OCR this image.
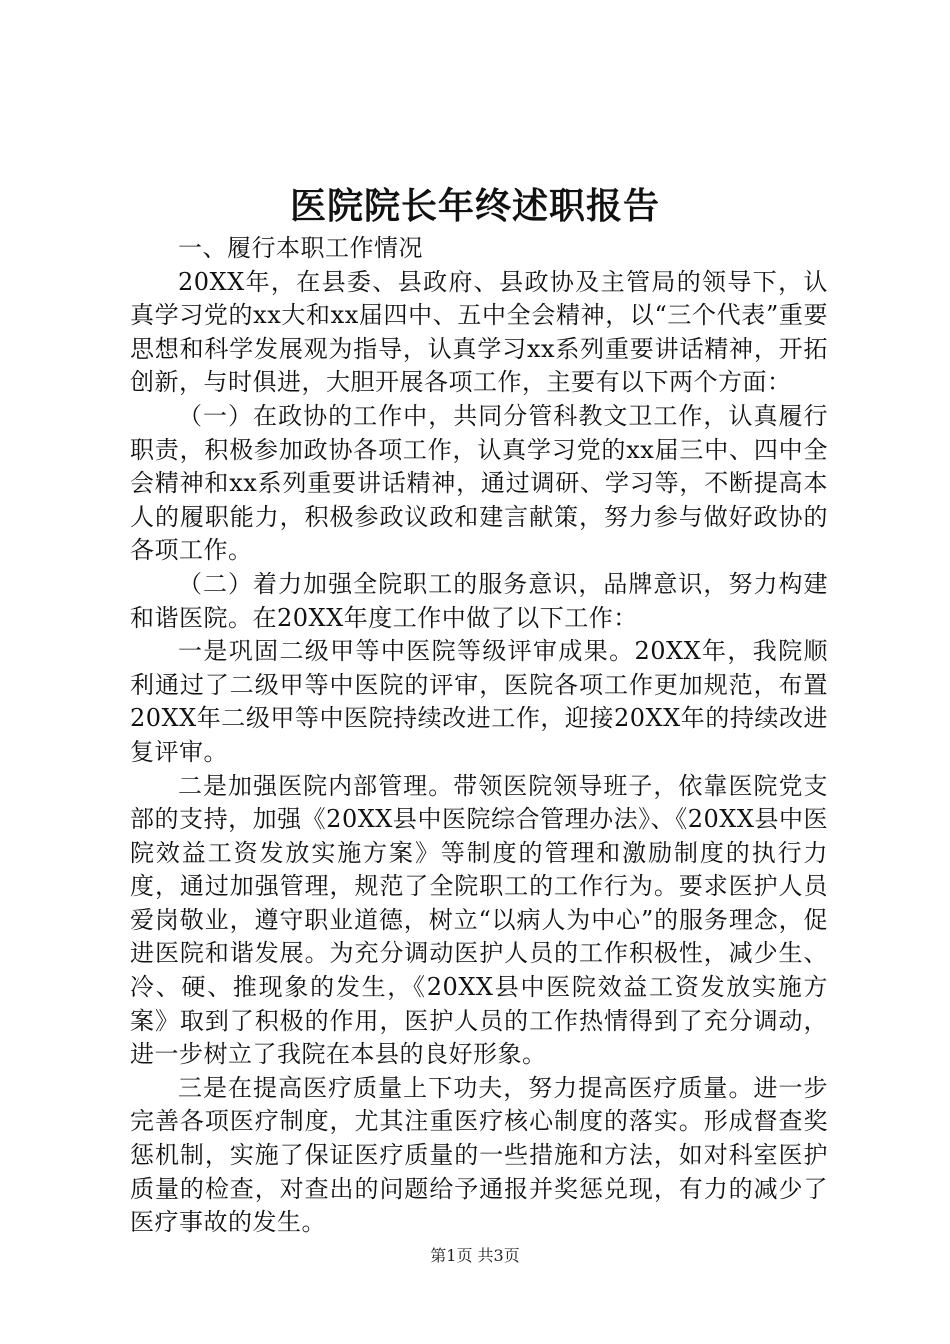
医院院长年终述职报告

一、履行本职工作情况

20XX年，在县委、县政府、县政协及主管局的领导下，认真学习党的xx大和xx届四中、五中全会精神，以“三个代表”重要思想和科学发展观为指导，认真学习xx系列重要讲话精神，开拓创新，与时俱进，大胆开展各项工作，主要有以下两个方面：

（一）在政协的工作中，共同分管科教文卫工作，认真履行职责，积极参加政协各项工作，认真学习党的xx届三中、四中全会精神和xx系列重要讲话精神，通过调研、学习等，不断提高本人的履职能力，积极参政议政和建言献策，努力参与做好政协的各项工作。

（二）着力加强全院职工的服务意识，品牌意识，努力构建和谐医院。在20XX年度工作中做了以下工作：

一是巩固二级甲等中医院等级评审成果。20XX年，我院顺利通过了二级甲等中医院的评审，医院各项工作更加规范，布置20XX年二级甲等中医院持续改进工作，迎接20XX年的持续改进复评审。

二是加强医院内部管理。带领医院领导班子，依靠医院党支部的支持，加强《20XX县中医院综合管理办法》、《20XX县中医院效益工资发放实施方案》等制度的管理和激励制度的执行力度，通过加强管理，规范了全院职工的工作行为。要求医护人员爱岗敬业，遵守职业道德，树立“以病人为中心”的服务理念，促进医院和谐发展。为充分调动医护人员的工作积极性，减少生、冷、硬、推现象的发生，《20XX县中医院效益工资发放实施方案》取到了积极的作用，医护人员的工作热情得到了充分调动，进一步树立了我院在本县的良好形象。

三是在提高医疗质量上下功夫，努力提高医疗质量。进一步完善各项医疗制度，尤其注重医疗核心制度的落实。形成督查奖惩机制，实施了保证医疗质量的一些措施和方法，如对科室医护质量的检查，对查出的问题给予通报并奖惩兑现，有力的减少了医疗事故的发生。

第1页 共3页
